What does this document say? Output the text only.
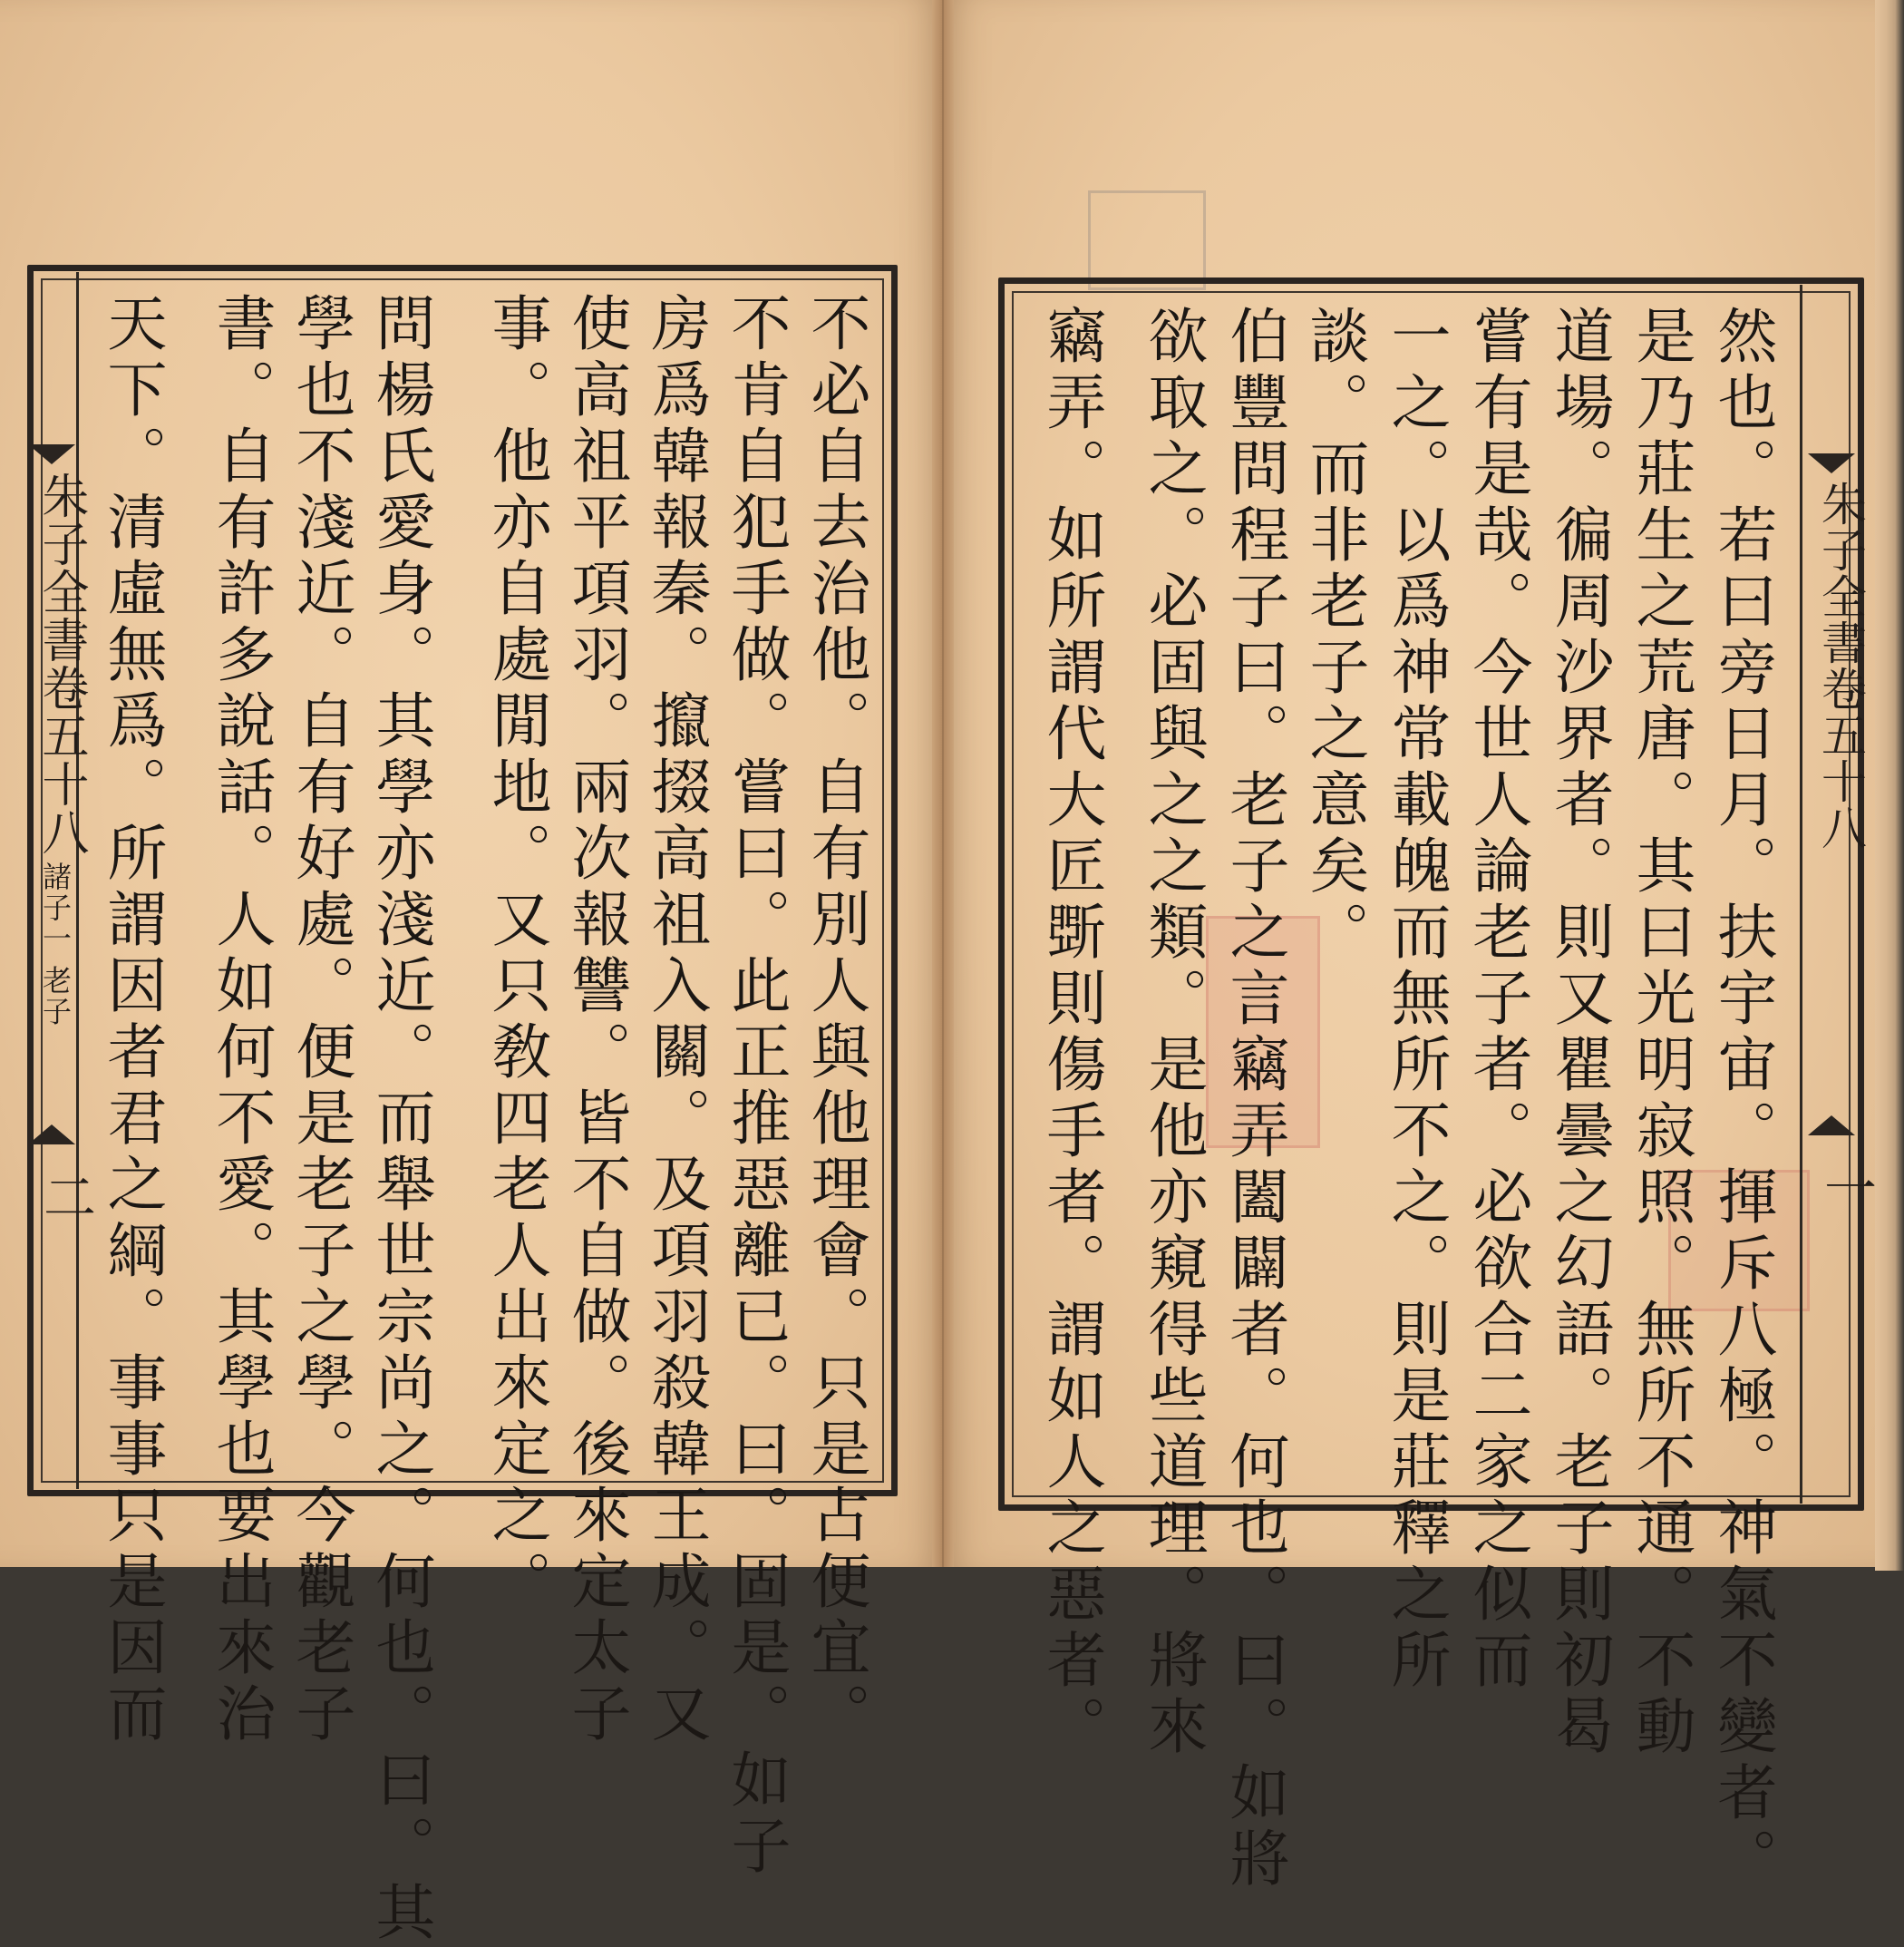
朱子全書卷五十八
諸子一 老子
二	不必自去治他。自有別人與他理會。只是占便宜。
不肯自犯手做。嘗曰。此正推惡離已。曰。固是。如子
房爲韓報秦。攛掇高祖入關。及項羽殺韓王成。又
使高祖平項羽。兩次報讐。皆不自做。後來定太子
事。他亦自處閒地。又只敎四老人出來定之。
問楊氏愛身。其學亦淺近。而舉世宗尚之。何也。曰。其
學也不淺近。自有好處。便是老子之學。今觀老子
書。自有許多說話。人如何不愛。其學也要出來治
天下。清虛無爲。所謂因者君之綱。事事只是因而	朱子全書卷五十八
一
然也。若曰旁日月。扶宇宙。揮斥八極。神氣不變者。
是乃莊生之荒唐。其曰光明寂照。無所不通。不動
道場。徧周沙界者。則又瞿曇之幻語。老子則初曷
嘗有是哉。今世人論老子者。必欲合二家之似而
一之。以爲神常載魄而無所不之。則是莊釋之所
談。而非老子之意矣。
伯豐問程子曰。老子之言竊弄闔闢者。何也。曰。如將
欲取之。必固與之之類。是他亦窺得些道理。將來
竊弄。如所謂代大匠斲則傷手者。謂如人之惡者。
